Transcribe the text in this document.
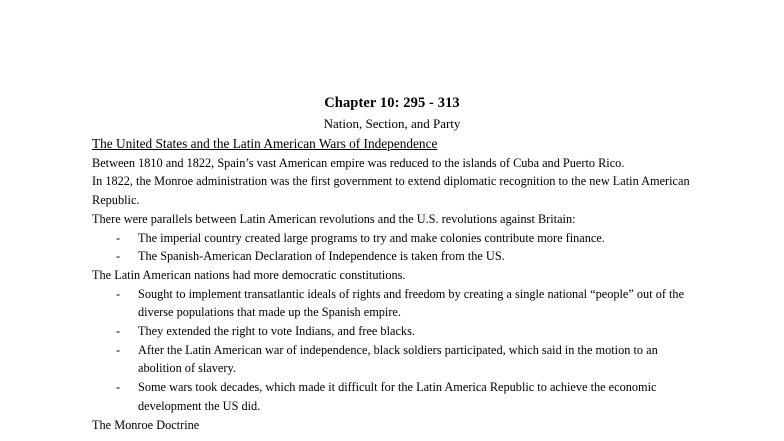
Chapter 10: 295 - 313
Nation, Section, and Party
The United States and the Latin American Wars of Independence
Between 1810 and 1822, Spain’s vast American empire was reduced to the islands of Cuba and Puerto Rico.
In 1822, the Monroe administration was the first government to extend diplomatic recognition to the new Latin American Republic.
There were parallels between Latin American revolutions and the U.S. revolutions against Britain:
- The imperial country created large programs to try and make colonies contribute more finance.
- The Spanish-American Declaration of Independence is taken from the US.
The Latin American nations had more democratic constitutions.
- Sought to implement transatlantic ideals of rights and freedom by creating a single national “people” out of the diverse populations that made up the Spanish empire.
- They extended the right to vote Indians, and free blacks.
- After the Latin American war of independence, black soldiers participated, which said in the motion to an abolition of slavery.
- Some wars took decades, which made it difficult for the Latin America Republic to achieve the economic development the US did.
The Monroe Doctrine
